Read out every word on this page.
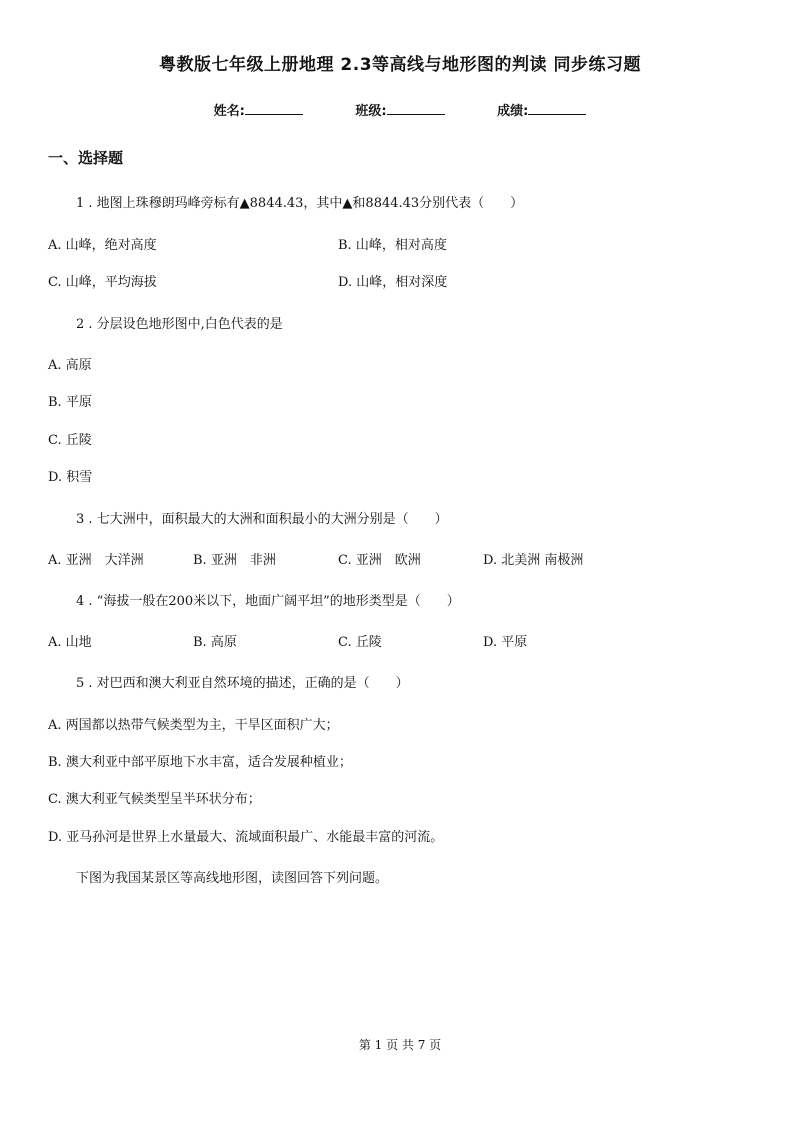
粤教版七年级上册地理 2.3等高线与地形图的判读 同步练习题
姓名:	班级:	成绩:
一、选择题
1 . 地图上珠穆朗玛峰旁标有▲8844.43，其中▲和8844.43分别代表（　　）
A. 山峰，绝对高度	B. 山峰，相对高度
C. 山峰，平均海拔	D. 山峰，相对深度
2 . 分层设色地形图中,白色代表的是
A. 高原
B. 平原
C. 丘陵
D. 积雪
3 . 七大洲中，面积最大的大洲和面积最小的大洲分别是（　　）
A. 亚洲　大洋洲	B. 亚洲　非洲	C. 亚洲　欧洲	D. 北美洲 南极洲
4 . “海拔一般在200米以下，地面广阔平坦”的地形类型是（　　）
A. 山地	B. 高原	C. 丘陵	D. 平原
5 . 对巴西和澳大利亚自然环境的描述，正确的是（　　）
A. 两国都以热带气候类型为主，干旱区面积广大；
B. 澳大利亚中部平原地下水丰富，适合发展种植业；
C. 澳大利亚气候类型呈半环状分布；
D. 亚马孙河是世界上水量最大、流域面积最广、水能最丰富的河流。
下图为我国某景区等高线地形图，读图回答下列问题。
第 1 页 共 7 页
